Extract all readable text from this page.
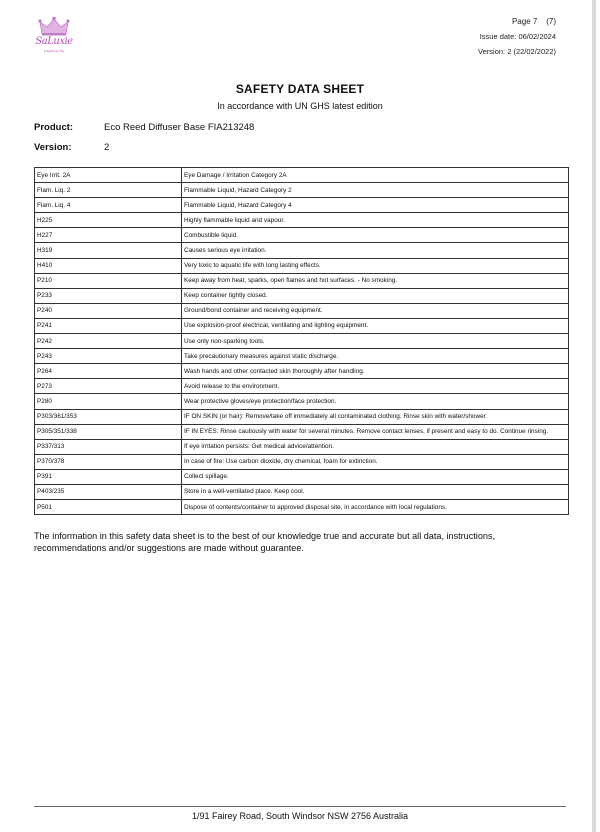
SaLuxie
Fragrances Pty
Page 7 (7)
Issue date: 06/02/2024
Version: 2 (22/02/2022)
SAFETY DATA SHEET
In accordance with UN GHS latest edition
Product:	Eco Reed Diffuser Base FIA213248
Version:	2
Eye Irrit. 2A	Eye Damage / Irritation Category 2A
Flam. Liq. 2	Flammable Liquid, Hazard Category 2
Flam. Liq. 4	Flammable Liquid, Hazard Category 4
H225	Highly flammable liquid and vapour.
H227	Combustible liquid.
H319	Causes serious eye irritation.
H410	Very toxic to aquatic life with long lasting effects.
P210	Keep away from heat, sparks, open flames and hot surfaces. - No smoking.
P233	Keep container tightly closed.
P240	Ground/bond container and receiving equipment.
P241	Use explosion-proof electrical, ventilating and lighting equipment.
P242	Use only non-sparking tools.
P243	Take precautionary measures against static discharge.
P264	Wash hands and other contacted skin thoroughly after handling.
P273	Avoid release to the environment.
P280	Wear protective gloves/eye protection/face protection.
P303/361/353	IF ON SKIN (or hair): Remove/take off immediately all contaminated clothing. Rinse skin with water/shower.
P305/351/338	IF IN EYES: Rinse cautiously with water for several minutes. Remove contact lenses, if present and easy to do. Continue rinsing.
P337/313	If eye irritation persists: Get medical advice/attention.
P370/378	In case of fire: Use carbon dioxide, dry chemical, foam for extinction.
P391	Collect spillage.
P403/235	Store in a well-ventilated place. Keep cool.
P501	Dispose of contents/container to approved disposal site, in accordance with local regulations.
The information in this safety data sheet is to the best of our knowledge true and accurate but all data, instructions, recommendations and/or suggestions are made without guarantee.
1/91 Fairey Road, South Windsor NSW 2756 Australia
